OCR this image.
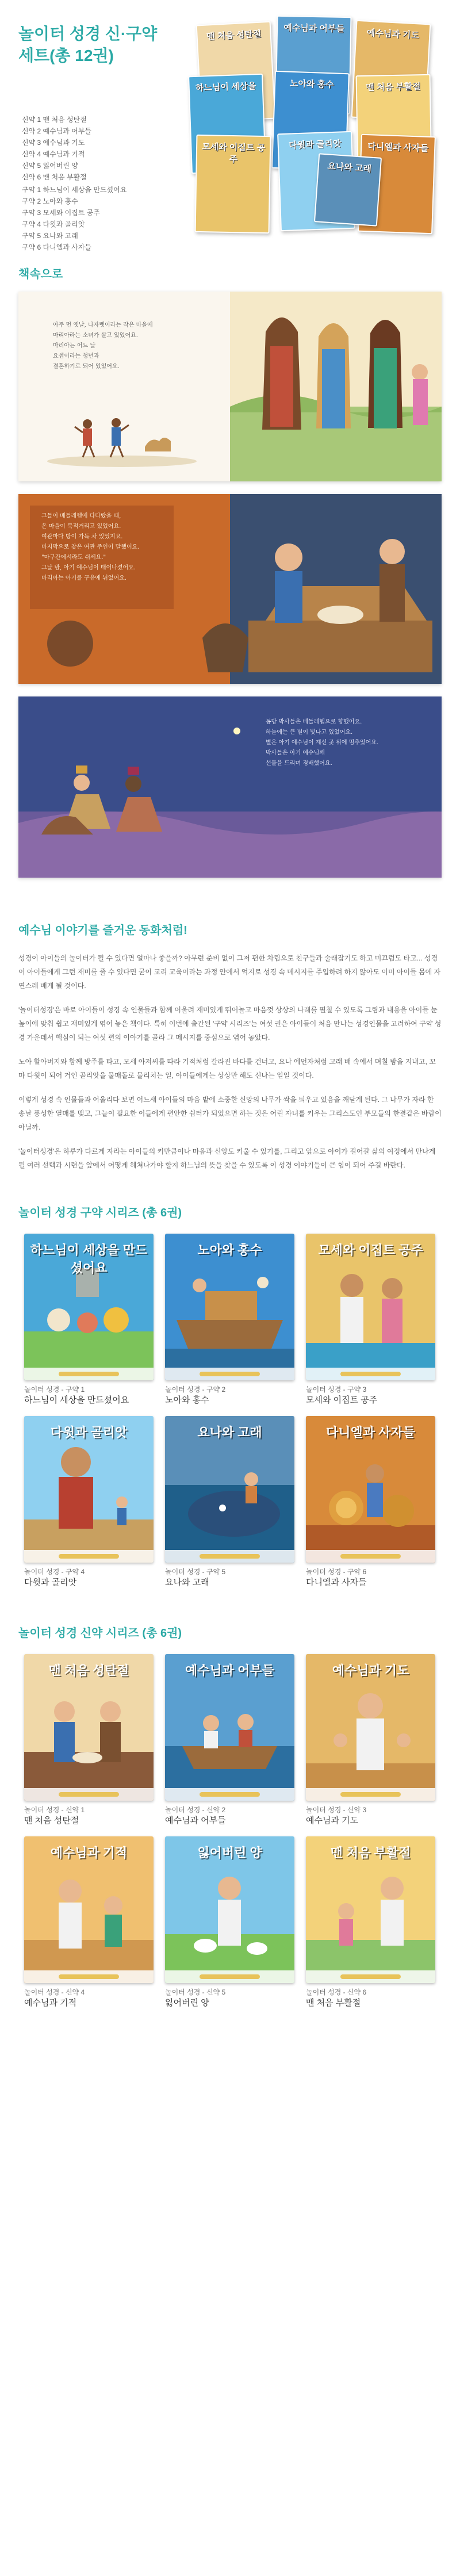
놀이터 성경 신·구약
세트(총 12권)
신약 1 맨 처음 성탄절
신약 2 예수님과 어부들
신약 3 예수님과 기도
신약 4 예수님과 기적
신약 5 잃어버린 양
신약 6 맨 처음 부활절
구약 1 하느님이 세상을 만드셨어요
구약 2 노아와 홍수
구약 3 모세와 이집트 공주
구약 4 다윗과 골리앗
구약 5 요나와 고래
구약 6 다니엘과 사자들
맨 처음 성탄절
예수님과 어부들	예수님과 기도
하느님이 세상을	노아와 홍수	맨 처음 부활절
모세와 이집트 공주
다윗과 골리앗	다니엘과 사자들
요나와 고래
책속으로
아주 먼 옛날, 나자렛이라는 작은 마을에
마리아라는 소녀가 살고 있었어요.
마리아는 어느 날
요셉이라는 청년과
결혼하기로 되어 있었어요.
그들이 베들레헴에 다다랐을 때,
온 마을이 북적거리고 있었어요.
여관마다 방이 가득 차 있었지요.
마지막으로 찾은 여관 주인이 말했어요.
"마구간에서라도 쉬세요."
그날 밤, 아기 예수님이 태어나셨어요.
마리아는 아기를 구유에 뉘었어요.
동방 박사들은 베들레헴으로 향했어요.
하늘에는 큰 별이 빛나고 있었어요.
별은 아기 예수님이 계신 곳 위에 멈추었어요.
박사들은 아기 예수님께
선물을 드리며 경배했어요.
예수님 이야기를 즐거운 동화처럼!

성경이 아이들의 놀이터가 될 수 있다면 얼마나 좋을까? 아무런 준비 없이 그저 편한 차림으로 친구들과 술래잡기도 하고 미끄럼도 타고... 성경이 아이들에게 그런 재미를 줄 수 있다면 굳이 교리 교육이라는 과정 안에서 억지로 성경 속 메시지를 주입하려 하지 않아도 이미 아이들 몸에 자연스레 배게 될 것이다.

'놀이터성경'은 바로 아이들이 성경 속 인물들과 함께 어울려 재미있게 뛰어놀고 마음껏 상상의 나래를 펼칠 수 있도록 그림과 내용을 아이들 눈높이에 맞춰 쉽고 재미있게 엮어 놓은 책이다. 특히 이번에 출간된 '구약 시리즈'는 여섯 권은 아이들이 처음 만나는 성경인물을 고려하여 구약 성경 가운데서 핵심이 되는 여섯 편의 이야기를 골라 그 메시지를 중심으로 엮어 놓았다.

노아 할아버지와 함께 방주를 타고, 모세 아저씨를 따라 기적처럼 갈라진 바다를 건너고, 요나 예언자처럼 고래 배 속에서 며칠 밤을 지내고, 꼬마 다윗이 되어 거인 골리앗을 물매돌로 물리치는 일, 아이들에게는 상상만 해도 신나는 일일 것이다.

이렇게 성경 속 인물들과 어울리다 보면 어느새 아이들의 마음 밭에 소중한 신앙의 나무가 싹을 틔우고 있음을 깨닫게 된다. 그 나무가 자라 한 송날 풍성한 열매를 맺고, 그늘이 필요한 이들에게 편안한 쉼터가 되었으면 하는 것은 어린 자녀를 키우는 그리스도인 부모들의 한결같은 바람이 아닐까.

'놀이터성경'은 하루가 다르게 자라는 아이들의 키만큼이나 마음과 신앙도 키울 수 있기를, 그리고 앞으로 아이가 걸어갈 삶의 여정에서 만나게 될 여러 선택과 시련을 앞에서 어떻게 헤쳐나가야 할지 하느님의 뜻을 찾을 수 있도록 이 성경 이야기들이 큰 힘이 되어 주길 바란다.

놀이터 성경 구약 시리즈 (총 6권)
하느님이 세상을 만드셨어요
놀이터 성경 - 구약 1
하느님이 세상을 만드셨어요
노아와 홍수
놀이터 성경 - 구약 2
노아와 홍수
모세와 이집트 공주
놀이터 성경 - 구약 3
모세와 이집트 공주
다윗과 골리앗
놀이터 성경 - 구약 4
다윗과 골리앗
요나와 고래
놀이터 성경 - 구약 5
요나와 고래
다니엘과 사자들
놀이터 성경 - 구약 6
다니엘과 사자들
놀이터 성경 신약 시리즈 (총 6권)
맨 처음 성탄절
놀이터 성경 - 신약 1
맨 처음 성탄절
예수님과 어부들
놀이터 성경 - 신약 2
예수님과 어부들
예수님과 기도
놀이터 성경 - 신약 3
예수님과 기도
예수님과 기적
놀이터 성경 - 신약 4
예수님과 기적
잃어버린 양
놀이터 성경 - 신약 5
잃어버린 양
맨 처음 부활절
놀이터 성경 - 신약 6
맨 처음 부활절
